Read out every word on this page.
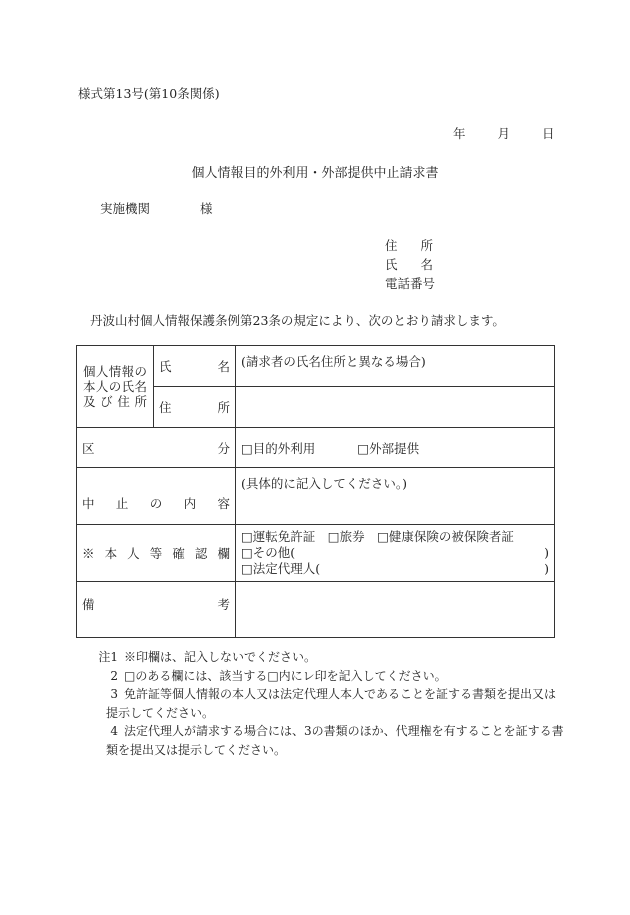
様式第13号(第10条関係)
年	月	日
個人情報目的外利用・外部提供中止請求書
実施機関	様
住　所
氏　名
電話番号
丹波山村個人情報保護条例第23条の規定により、次のとおり請求します。
個人情報の
本人の氏名
及び住所	氏　名	(請求者の氏名住所と異なる場合)

	住　所	

区　分		□目的外利用 □外部提供

中止の内容		(具体的に記入してください。)

※本人等確認欄		□運転免許証　□旅券　□健康保険の被保険者証
□その他( )
□法定代理人( )

備　考		

注1 ※印欄は、記入しないでください。
2 □のある欄には、該当する□内にレ印を記入してください。
3 免許証等個人情報の本人又は法定代理人本人であることを証する書類を提出又は
提示してください。
4 法定代理人が請求する場合には、3の書類のほか、代理権を有することを証する書
類を提出又は提示してください。
